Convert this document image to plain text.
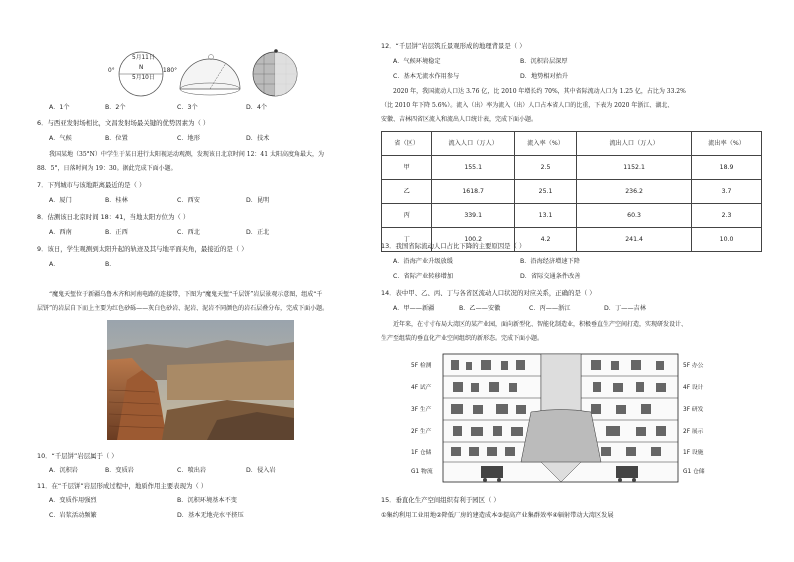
5月11日
N
5月10日
0°	180°
A．1个	B．2个	C．3个	D．4个
6．与西亚发射场相比，文昌发射场最关键的优势因素为（ ）
A．气候	B．位置	C．地形	D．技术
我国某地（35°N）中学生于某日进行太阳视运动观测，发现该日北京时间 12：41 太阳高度角最大，为
88．5°，日落时间为 19：30。据此完成下面小题。
7．下列城市与该地距离最近的是（ ）
A．厦门	B．桂林	C．西安	D．昆明
8．估测该日北京时间 18：41，当地太阳方位为（ ）
A．西南	B．正西	C．西北	D．正北
9．该日，学生观测到太阳升起的轨迹及其与地平面夹角，最接近的是（ ）
A．	B．
“魔鬼天堑位于新疆乌鲁木齐和河南电路的连接带，下图为“魔鬼天堑“千层饼”岩层景观示意图，组成“千
层饼”的岩层自下而上主要为红色砂砾——灰白色砂岩、泥岩、泥岩不同颜色的岩石层叠分布，完成下面小题。
10．“千层饼”岩层属于（ ）
A．沉积岩	B．变质岩	C．喷出岩	D．侵入岩
11．在“千层饼”岩层形成过程中，地质作用主要表现为（ ）
A．变质作用强烈	B．沉积环境基本不变
C．岩浆活动频繁	D．基本无地壳水平挤压
12．“千层饼”岩层筑丘景观形成的地理背景是（ ）
A．气候环境稳定	B．沉积岩层深厚
C．基本无流水作用参与	D．地势相对抬升
2020 年，我国流动人口达 3.76 亿，比 2010 年增长约 70%，其中省际流动人口为 1.25 亿，占比为 33.2%
（比 2010 年下降 5.6%）。流入（出）率为流入（出）人口占本省人口的比重，下表为 2020 年浙江、湖北、
安徽、吉林四省区流入和流出人口统计表，完成下面小题。
省（区）	流入人口（万人）	流入率（%）	流出人口（万人）	流出率（%）
甲	155.1	2.5	1152.1	18.9
乙	1618.7	25.1	236.2	3.7
丙	339.1	13.1	60.3	2.3
丁	100.2	4.2	241.4	10.0
13．我国省际流动人口占比下降的主要原因是（ ）
A．沿海产业升级放缓	B．沿海经济增速下降
C．省际产业转移增加	D．省际交通条件改善
14．表中甲、乙、丙、丁与各省区流动人口状况的对应关系，正确的是（ ）
A．甲——新疆	B．乙——安徽	C．丙——浙江	D．丁——吉林
近年来，在寸寸布局大湾区的某产业园，面向新型化、智能化制造业，积极垂直生产空间打造，实现研发设计、
生产至组装的垂直化产业空间组织的新形态。完成下面小题。
5F 检测
4F 试产
3F 生产
2F 生产
1F 仓储
G1 物流
5F 办公
4F 设计
3F 研发
2F 展示
1F 设施
G1 仓储
15．垂直化生产空间组织有利于园区（ ）
①集约利用工业用地②降低厂房的建造成本③提高产业集群效率④辐射带动大湾区发展
